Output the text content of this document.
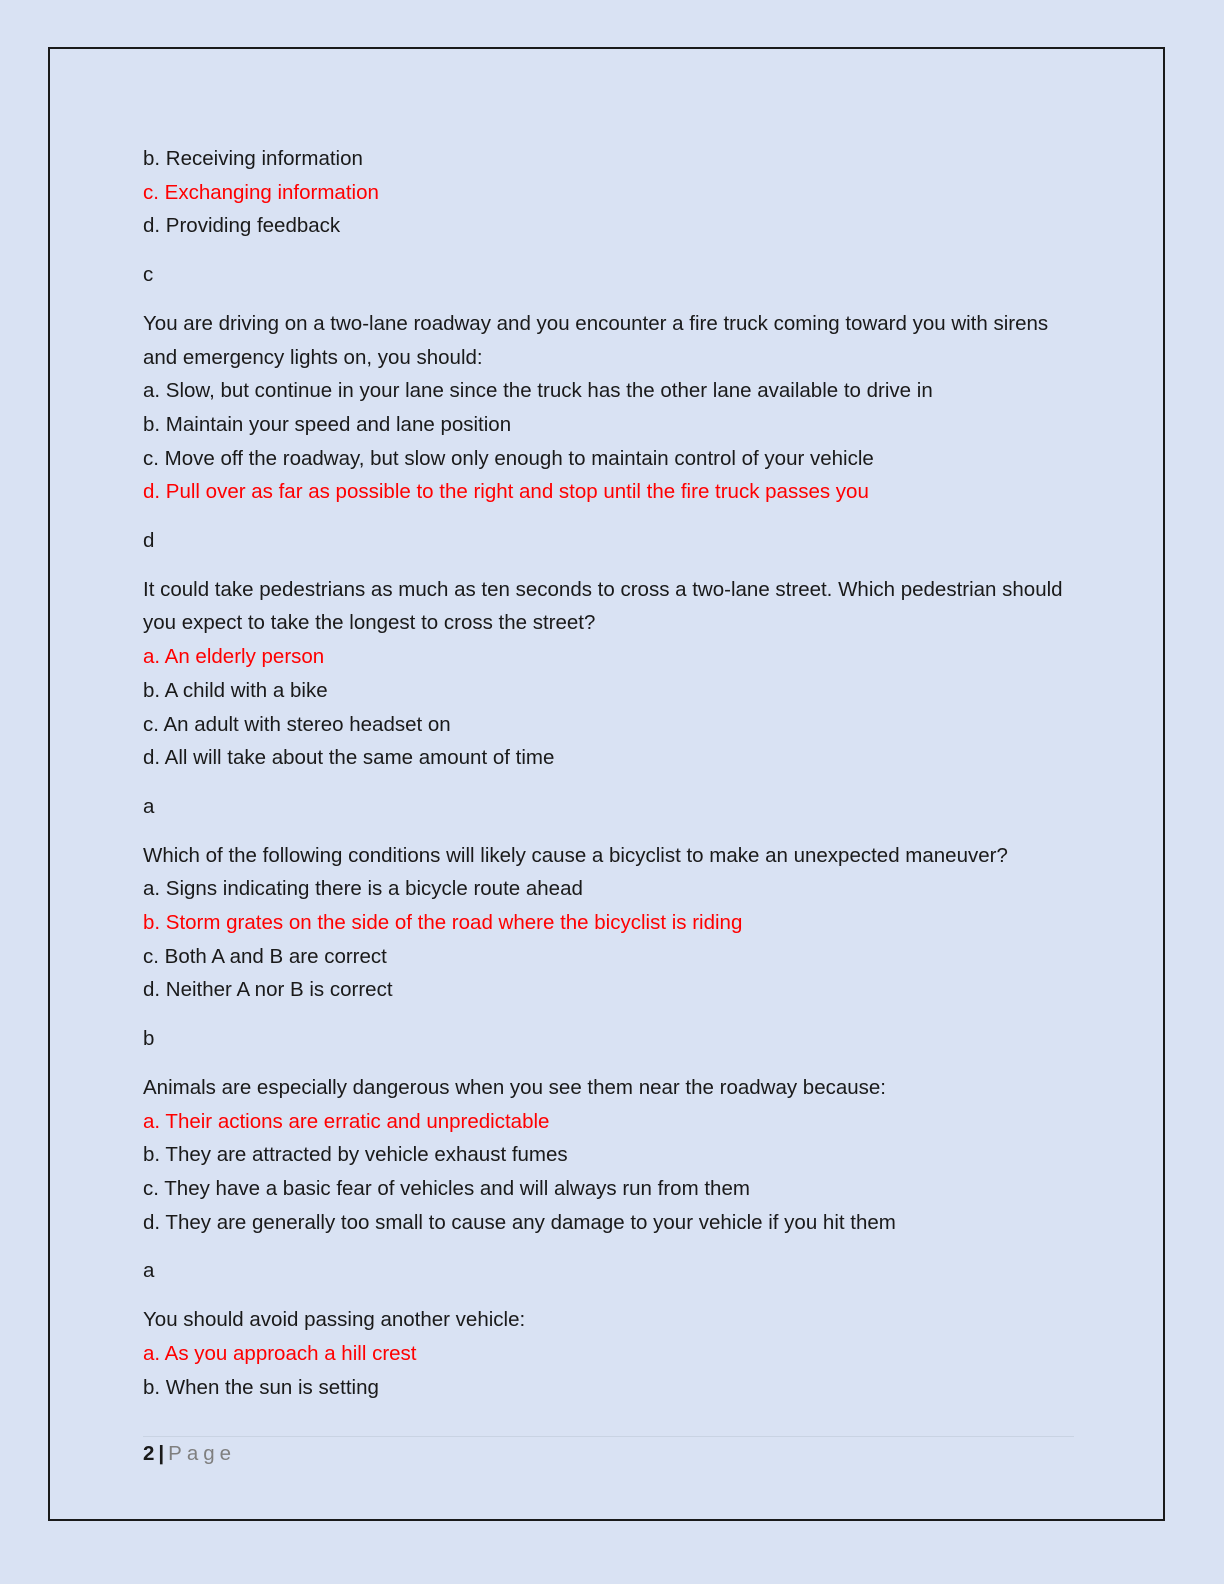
b. Receiving information

c. Exchanging information

d. Providing feedback

c

You are driving on a two-lane roadway and you encounter a fire truck coming toward you with sirens and emergency lights on, you should:

a. Slow, but continue in your lane since the truck has the other lane available to drive in

b. Maintain your speed and lane position

c. Move off the roadway, but slow only enough to maintain control of your vehicle

d. Pull over as far as possible to the right and stop until the fire truck passes you

d

It could take pedestrians as much as ten seconds to cross a two-lane street. Which pedestrian should you expect to take the longest to cross the street?

a. An elderly person

b. A child with a bike

c. An adult with stereo headset on

d. All will take about the same amount of time

a

Which of the following conditions will likely cause a bicyclist to make an unexpected maneuver?

a. Signs indicating there is a bicycle route ahead

b. Storm grates on the side of the road where the bicyclist is riding

c. Both A and B are correct

d. Neither A nor B is correct

b

Animals are especially dangerous when you see them near the roadway because:

a. Their actions are erratic and unpredictable

b. They are attracted by vehicle exhaust fumes

c. They have a basic fear of vehicles and will always run from them

d. They are generally too small to cause any damage to your vehicle if you hit them

a

You should avoid passing another vehicle:

a. As you approach a hill crest

b. When the sun is setting

2 | Page
